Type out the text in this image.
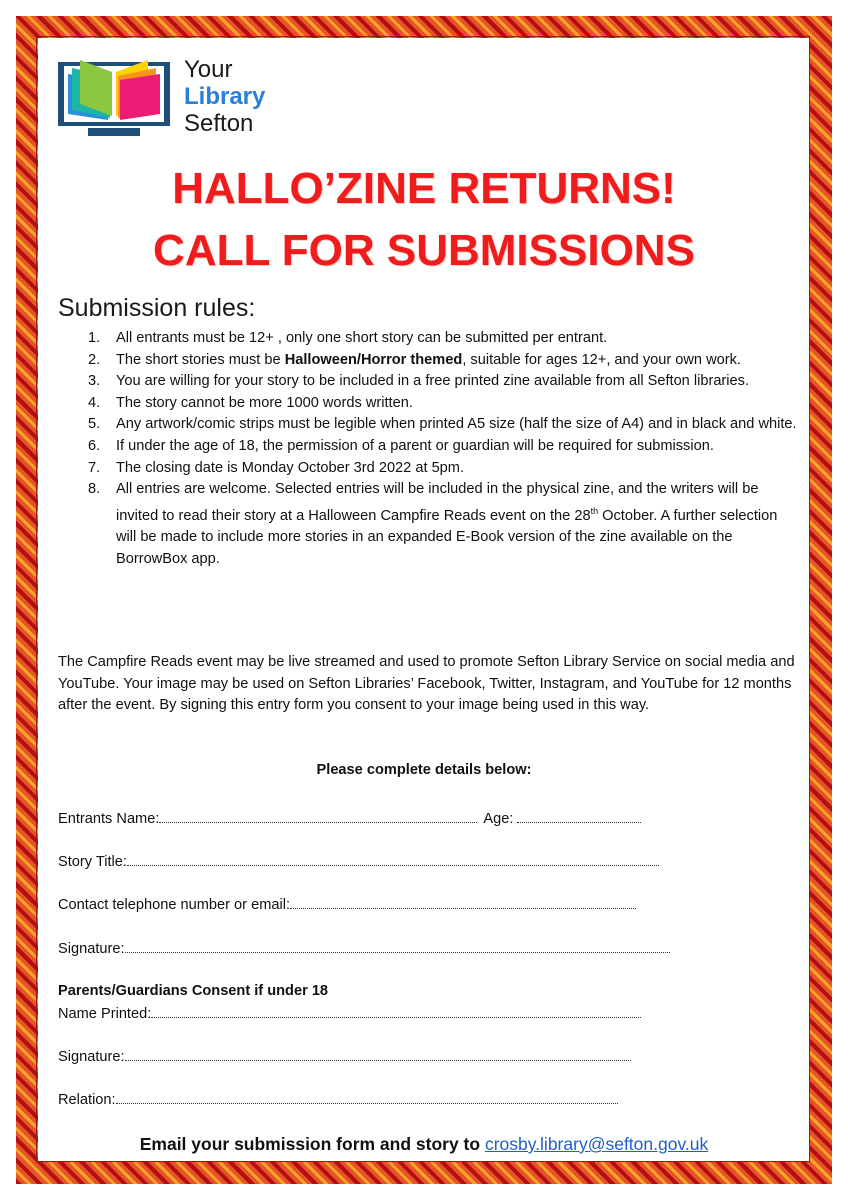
Your
Library
Sefton
HALLO’ZINE RETURNS!
CALL FOR SUBMISSIONS
Submission rules:
1. All entrants must be 12+ , only one short story can be submitted per entrant.
2. The short stories must be Halloween/Horror themed, suitable for ages 12+, and your own work.
3. You are willing for your story to be included in a free printed zine available from all Sefton libraries.
4. The story cannot be more 1000 words written.
5. Any artwork/comic strips must be legible when printed A5 size (half the size of A4) and in black and white.
6. If under the age of 18, the permission of a parent or guardian will be required for submission.
7. The closing date is Monday October 3rd 2022 at 5pm.
8. All entries are welcome. Selected entries will be included in the physical zine, and the writers will be invited to read their story at a Halloween Campfire Reads event on the 28th October. A further selection will be made to include more stories in an expanded E-Book version of the zine available on the BorrowBox app.
The Campfire Reads event may be live streamed and used to promote Sefton Library Service on social media and YouTube. Your image may be used on Sefton Libraries’ Facebook, Twitter, Instagram, and YouTube for 12 months after the event. By signing this entry form you consent to your image being used in this way.
Please complete details below:
Entrants Name:	Age:
Story Title:
Contact telephone number or email:
Signature:
Parents/Guardians Consent if under 18
Name Printed:
Signature:
Relation:
Email your submission form and story to crosby.library@sefton.gov.uk
